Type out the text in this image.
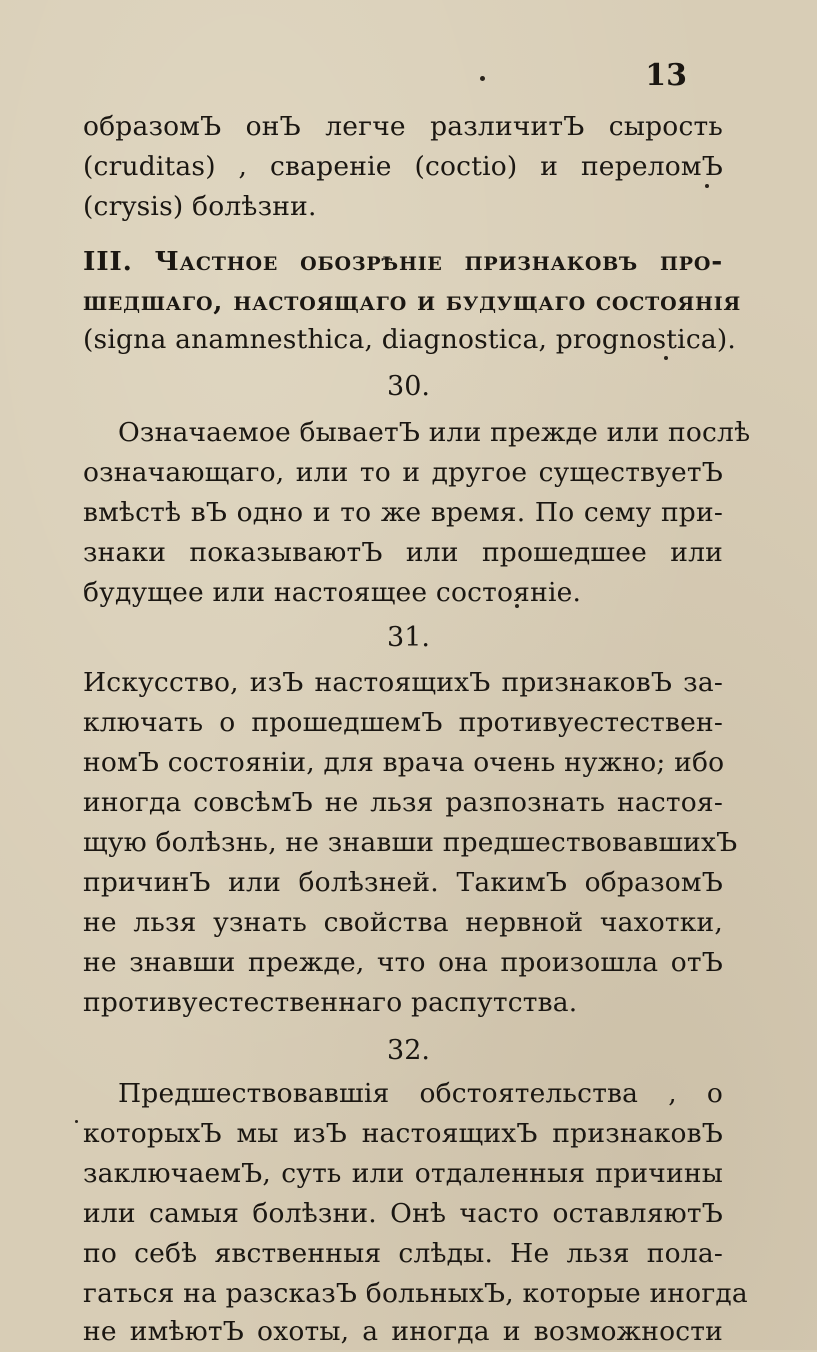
13
образомЪ онЪ легче различитЪ сырость
(cruditas) , свареніе (coctio) и переломЪ
(crysis) болѣзни.
III. Частное обозрѣніе признаковъ про-
шедшаго, настоящаго и будущаго состоянія
(signa anamnesthica, diagnostica, prognostica).
30.
Означаемое бываетЪ или прежде или послѣ
означающаго, или то и другое существуетЪ
вмѣстѣ вЪ одно и то же время. По сему при-
знаки показываютЪ или прошедшее или
будущее или настоящее состояніе.
31.
Искусство, изЪ настоящихЪ признаковЪ за-
ключать о прошедшемЪ противуестествен-
номЪ состояніи, для врача очень нужно; ибо
иногда совсѣмЪ не льзя разпознать настоя-
щую болѣзнь, не знавши предшествовавшихЪ
причинЪ или болѣзней. ТакимЪ образомЪ
не льзя узнать свойства нервной чахотки,
не знавши прежде, что она произошла отЪ
противуестественнаго распутства.
32.
Предшествовавшія обстоятельства , о
которыхЪ мы изЪ настоящихЪ признаковЪ
заключаемЪ, суть или отдаленныя причины
или самыя болѣзни. Онѣ часто оставляютЪ
по себѣ явственныя слѣды. Не льзя пола-
гаться на разсказЪ больныхЪ, которые иногда
не имѣютЪ охоты, а иногда и возможности
